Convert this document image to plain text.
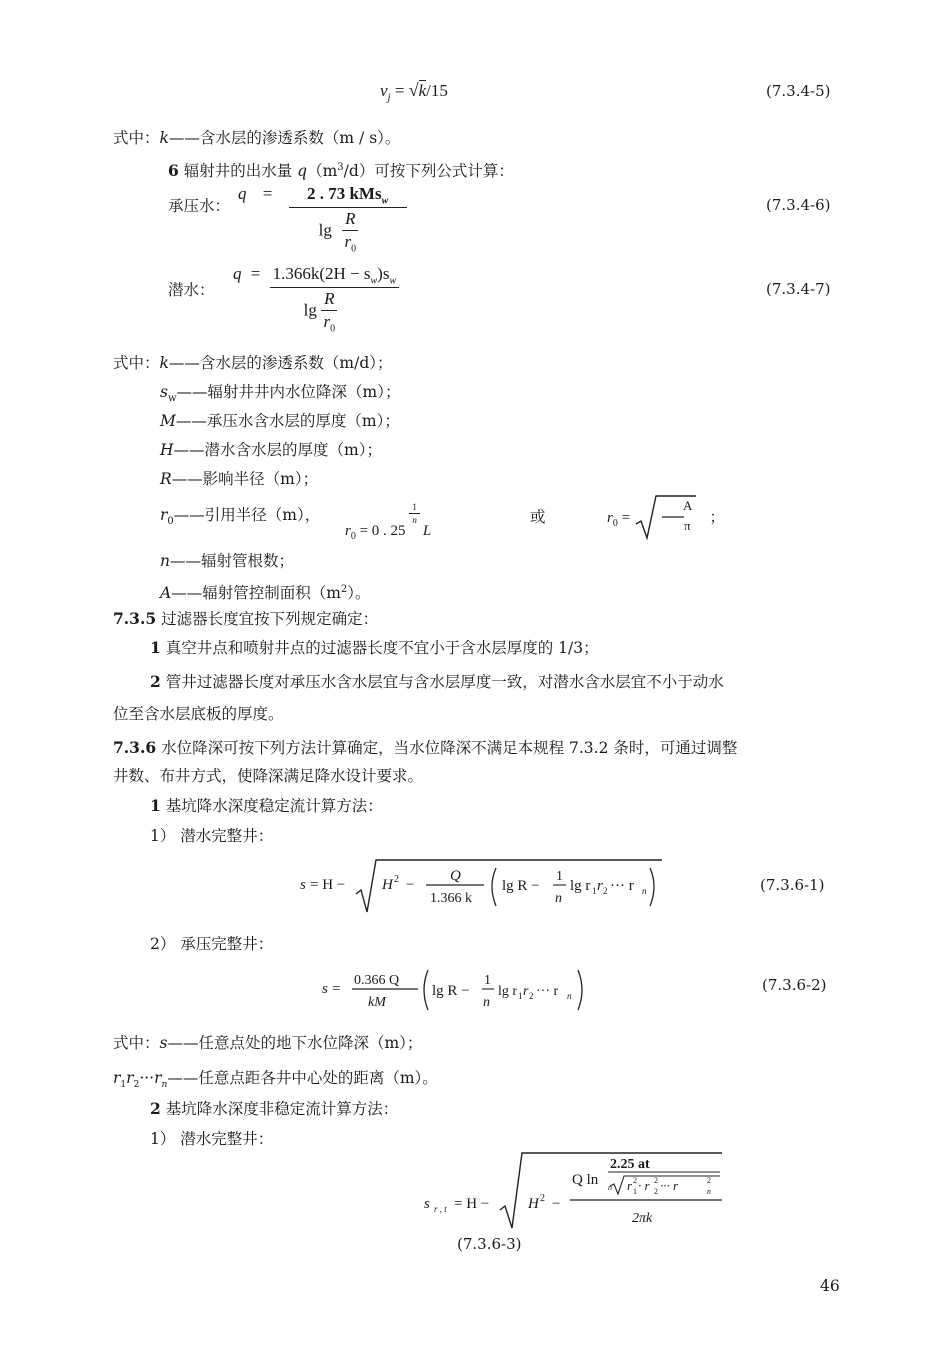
$v_j = √k/15$	(7.3.4-5)
式中：k——含水层的渗透系数（m / s）。
6 辐射井的出水量 $q(m^3/d)$可按下列公式计算：
承压水：
$q = \frac{2 . 73 kMs_w}{\lg \frac{R}{r_0}}$	(7.3.4-6)
潜水：
$q = \frac{1.366k(2H - s_w)s_w}{\lg \frac{R}{r_0}}$	(7.3.4-7)
式中：k——含水层的渗透系数（m/d）；
$s_w——$辐射井井内水位降深（m）；
M——承压水含水层的厚度（m）；
H——潜水含水层的厚度（m）；
R——影响半径（m）；
$r_0——$引用半径（m），
$r_0 = 0$ . 25
$\frac{1}{n}$
L
或	$r_0$ =
A
π ；
n——辐射管根数；
A——辐射管控制面积$(m^2)$。
7.3.5 过滤器长度宜按下列规定确定：
1 真空井点和喷射井点的过滤器长度不宜小于含水层厚度的 1/3；
2 管井过滤器长度对承压水含水层宜与含水层厚度一致，对潜水含水层宜不小于动水
位至含水层底板的厚度。
7.3.6 水位降深可按下列方法计算确定，当水位降深不满足本规程 7.3.2 条时，可通过调整
井数、布井方式，使降深满足降水设计要求。
1 基坑降水深度稳定流计算方法：
1） 潜水完整井：
s = H − H 2 −
Q
1.366 k
lg R −
1
n
lg r 1 r 2 ··· r n	(7.3.6-1)
2） 承压完整井：
s =
0.366 Q
kM
lg R −
1
n
lg r 1 r 2 ··· r n
(7.3.6-2)
式中：s——任意点处的地下水位降深（m）；
$r_1r_2\cdot\cdot\cdot r_n——$任意点距各井中心处的距离（m）。
2 基坑降水深度非稳定流计算方法：
1） 潜水完整井：
s r , t = H −	H 2 −
Q ln
2.25 at
n r 1
2 · r 2
2 ··· r	n
2
2πk
(7.3.6-3)
46
